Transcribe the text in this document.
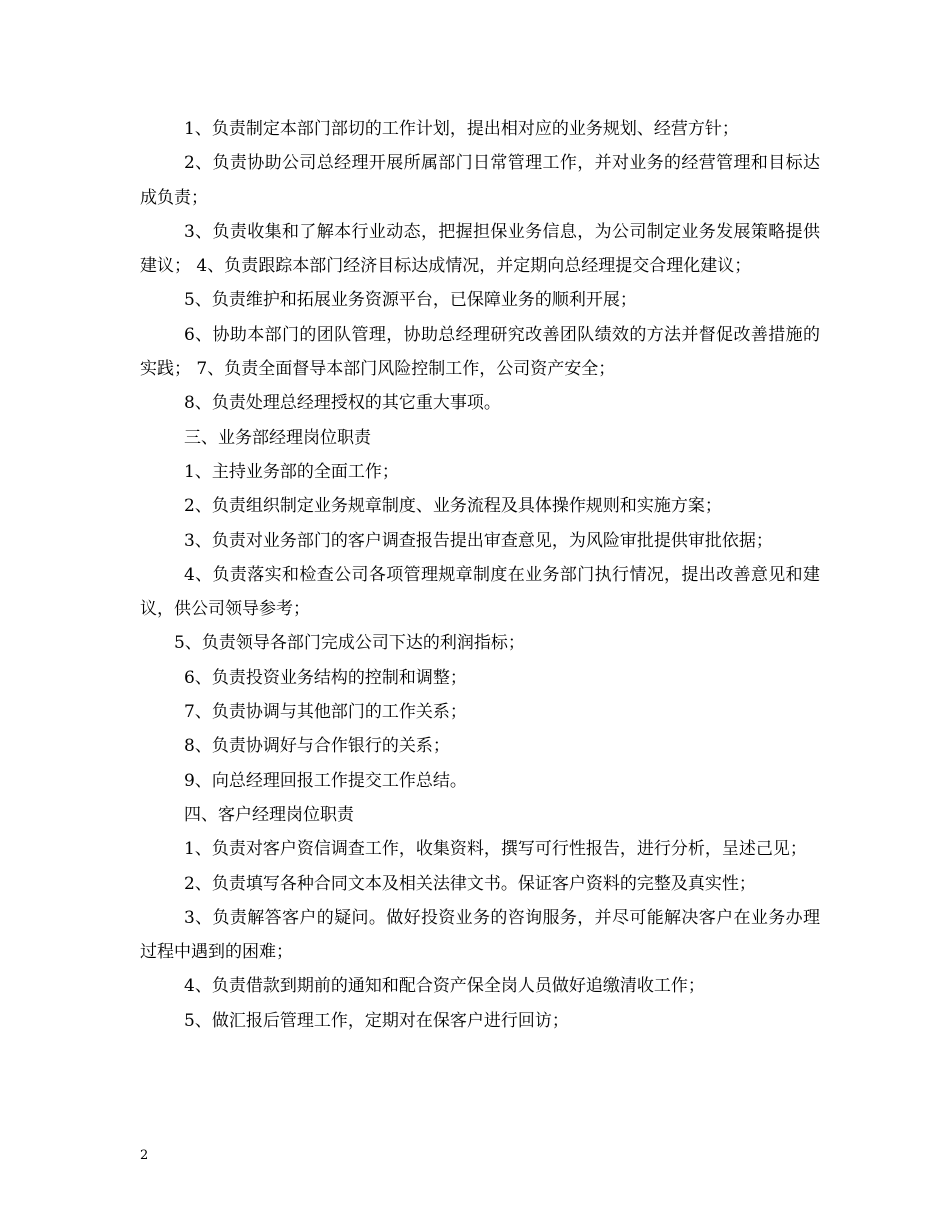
1、负责制定本部门部切的工作计划，提出相对应的业务规划、经营方针；

2、负责协助公司总经理开展所属部门日常管理工作，并对业务的经营管理和目标达成负责；

3、负责收集和了解本行业动态，把握担保业务信息，为公司制定业务发展策略提供建议； 4、负责跟踪本部门经济目标达成情况，并定期向总经理提交合理化建议；

5、负责维护和拓展业务资源平台，已保障业务的顺利开展；

6、协助本部门的团队管理，协助总经理研究改善团队绩效的方法并督促改善措施的实践； 7、负责全面督导本部门风险控制工作，公司资产安全；

8、负责处理总经理授权的其它重大事项。

三、业务部经理岗位职责

1、主持业务部的全面工作；

2、负责组织制定业务规章制度、业务流程及具体操作规则和实施方案；

3、负责对业务部门的客户调查报告提出审查意见，为风险审批提供审批依据；

4、负责落实和检查公司各项管理规章制度在业务部门执行情况，提出改善意见和建议，供公司领导参考；

5、负责领导各部门完成公司下达的利润指标；

6、负责投资业务结构的控制和调整；

7、负责协调与其他部门的工作关系；

8、负责协调好与合作银行的关系；

9、向总经理回报工作提交工作总结。

四、客户经理岗位职责

1、负责对客户资信调查工作，收集资料，撰写可行性报告，进行分析，呈述己见；

2、负责填写各种合同文本及相关法律文书。保证客户资料的完整及真实性；

3、负责解答客户的疑问。做好投资业务的咨询服务，并尽可能解决客户在业务办理过程中遇到的困难；

4、负责借款到期前的通知和配合资产保全岗人员做好追缴清收工作；

5、做汇报后管理工作，定期对在保客户进行回访；

2
